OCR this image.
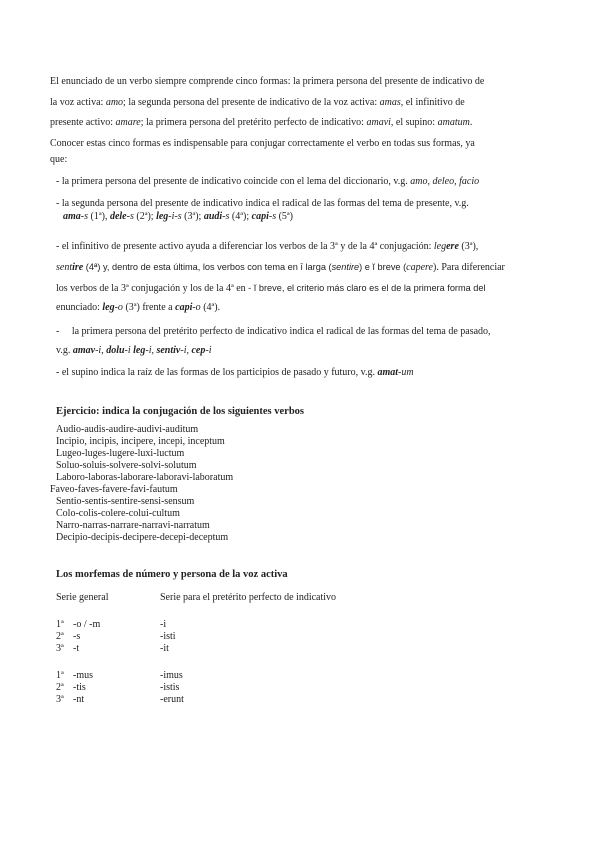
El enunciado de un verbo siempre comprende cinco formas: la primera persona del presente de indicativo de
la voz activa: amo; la segunda persona del presente de indicativo de la voz activa: amas, el infinitivo de
presente activo: amare; la primera persona del pretérito perfecto de indicativo: amavi, el supino: amatum.
Conocer estas cinco formas es indispensable para conjugar correctamente el verbo en todas sus formas, ya
que:
- la primera persona del presente de indicativo coincide con el lema del diccionario, v.g. amo, deleo, facio
- la segunda persona del presente de indicativo indica el radical de las formas del tema de presente, v.g.
ama-s (1ª), dele-s (2ª); leg-i-s (3ª); audi-s (4ª); capi-s (5ª)
- el infinitivo de presente activo ayuda a diferenciar los verbos de la 3ª y de la 4ª conjugación: legere (3ª),
sentire (4ª) y, dentro de esta última, los verbos con tema en ī larga (sentire) e ĭ breve (capere). Para diferenciar
los verbos de la 3ª conjugación y los de la 4ª en - ĭ breve, el criterio más claro es el de la primera forma del
enunciado: leg-o (3ª) frente a capi-o (4ª).
-     la primera persona del pretérito perfecto de indicativo indica el radical de las formas del tema de pasado,
v.g. amav-i, dolu-i leg-i, sentiv-i, cep-i
- el supino indica la raíz de las formas de los participios de pasado y futuro, v.g. amat-um
Ejercicio: indica la conjugación de los siguientes verbos
Audio-audis-audire-audivi-auditum
Incipio, incipis, incipere, incepi, inceptum
Lugeo-luges-lugere-luxi-luctum
Soluo-soluis-solvere-solvi-solutum
Laboro-laboras-laborare-laboravi-laboratum
Faveo-faves-favere-favi-fautum
Sentio-sentis-sentire-sensi-sensum
Colo-colis-colere-colui-cultum
Narro-narras-narrare-narravi-narratum
Decipio-decipis-decipere-decepi-deceptum
Los morfemas de número y persona de la voz activa
Serie general	Serie para el pretérito perfecto de indicativo
1ª -o / -m	-i
2ª -s	-isti
3ª -t	-it
1ª -mus	-imus
2ª -tis	-istis
3ª -nt	-erunt
